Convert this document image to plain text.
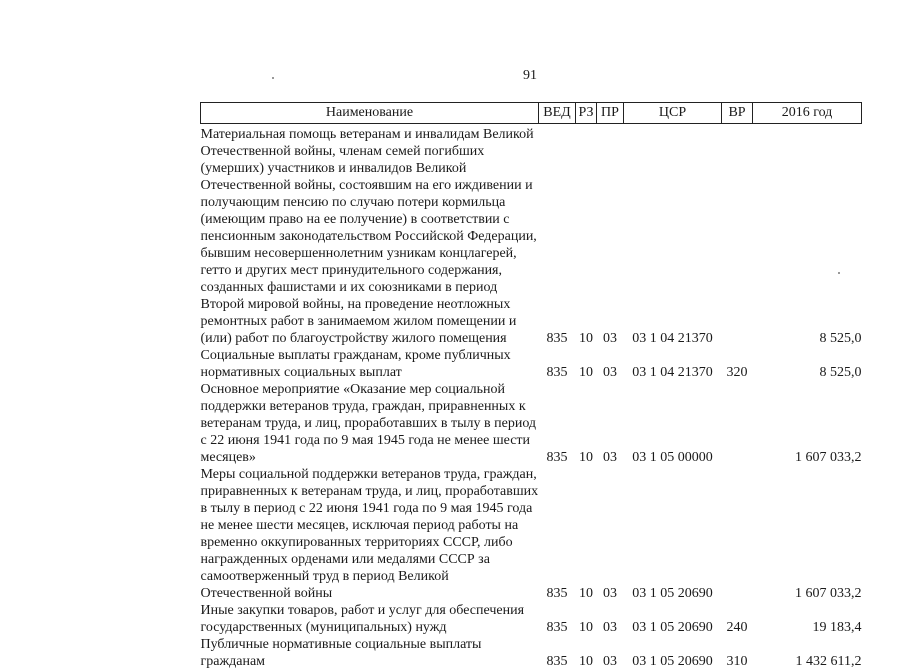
91
Наименование	ВЕД	РЗ	ПР	ЦСР	ВР	2016 год
Материальная помощь ветеранам и инвалидам Великой Отечественной войны, членам семей погибших (умерших) участников и инвалидов Великой Отечественной войны, состоявшим на его иждивении и получающим пенсию по случаю потери кормильца (имеющим право на ее получение) в соответствии с пенсионным законодательством Российской Федерации, бывшим несовершеннолетним узникам концлагерей, гетто и других мест принудительного содержания, созданных фашистами и их союзниками в период Второй мировой войны, на проведение неотложных ремонтных работ в занимаемом жилом помещении и (или) работ по благоустройству жилого помещения	835	10	03	03 1 04 21370		8 525,0
Социальные выплаты гражданам, кроме публичных нормативных социальных выплат	835	10	03	03 1 04 21370	320	8 525,0
Основное мероприятие «Оказание мер социальной поддержки ветеранов труда, граждан, приравненных к ветеранам труда, и лиц, проработавших в тылу в период с 22 июня 1941 года по 9 мая 1945 года не менее шести месяцев»	835	10	03	03 1 05 00000		1 607 033,2
Меры социальной поддержки ветеранов труда, граждан, приравненных к ветеранам труда, и лиц, проработавших в тылу в период с 22 июня 1941 года по 9 мая 1945 года не менее шести месяцев, исключая период работы на временно оккупированных территориях СССР, либо награжденных орденами или медалями СССР за самоотверженный труд в период Великой Отечественной войны	835	10	03	03 1 05 20690		1 607 033,2
Иные закупки товаров, работ и услуг для обеспечения государственных (муниципальных) нужд	835	10	03	03 1 05 20690	240	19 183,4
Публичные нормативные социальные выплаты гражданам	835	10	03	03 1 05 20690	310	1 432 611,2
